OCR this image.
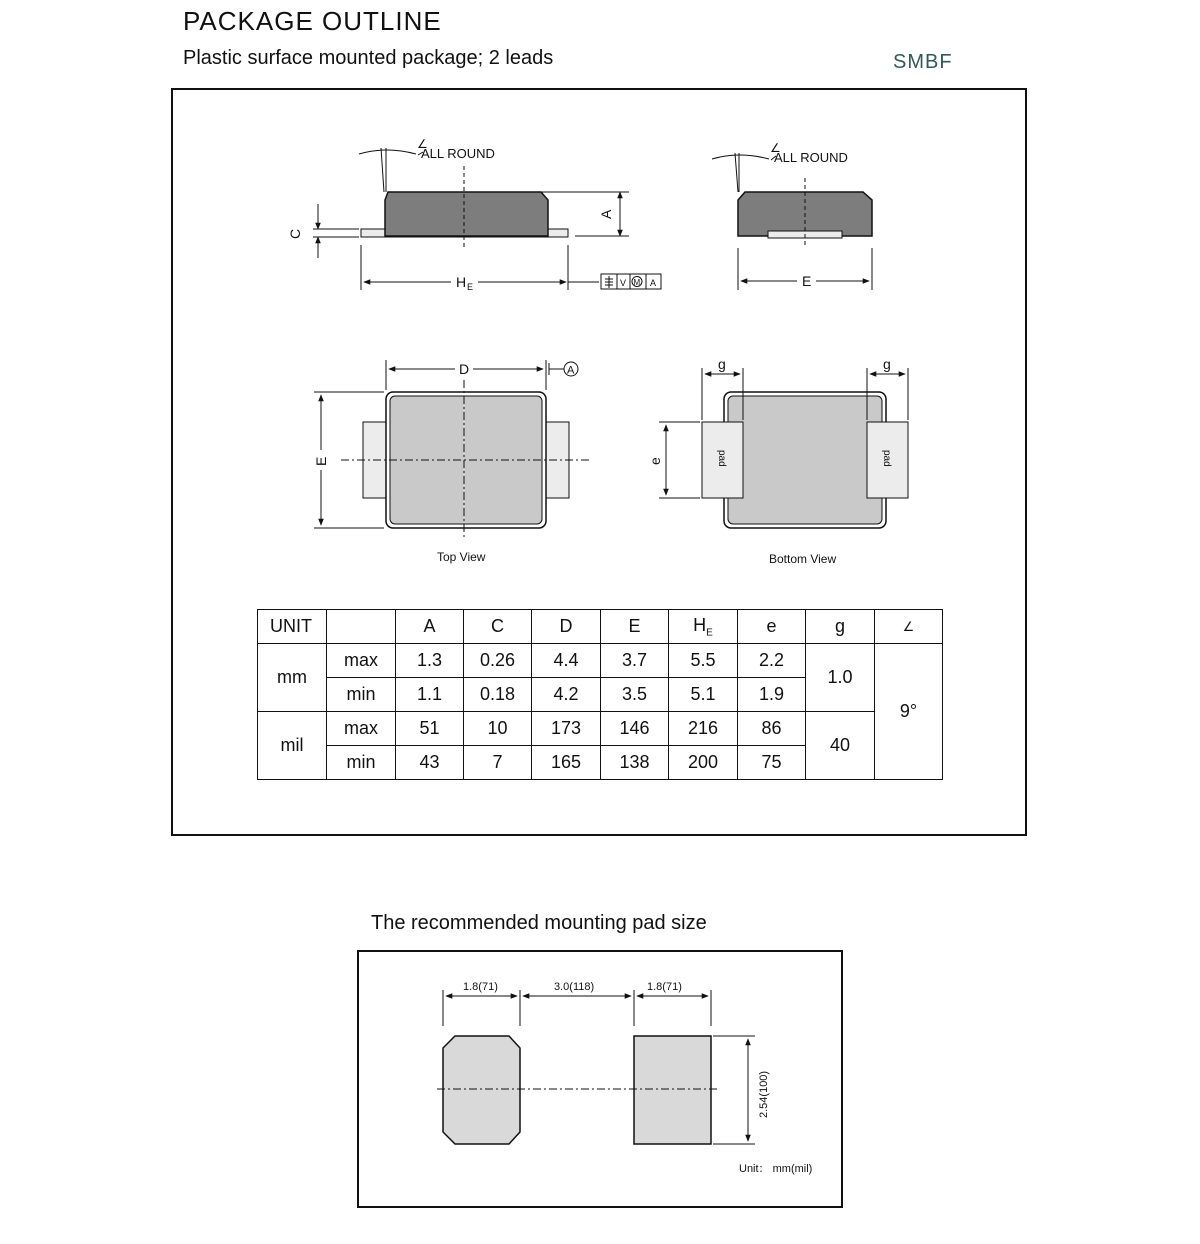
PACKAGE OUTLINE
Plastic surface mounted package; 2 leads	SMBF
ALL ROUND
∠
ALL ROUND
∠
C
A
H E	V M A	E
D	A
E
g	g
e	pad	pad
Top View	Bottom View
UNIT		A	C	D	E	$H_E$	e	g	∠
mm	max	1.3	0.26	4.4	3.7	5.5	2.2	1.0	9°
	min	1.1	0.18	4.2	3.5	5.1	1.9		
mil	max	51	10	173	146	216	86	40	
	min	43	7	165	138	200	75		
The recommended mounting pad size
1.8(71)	3.0(118)	1.8(71)
2.54(100)
Unit： mm(mil)
